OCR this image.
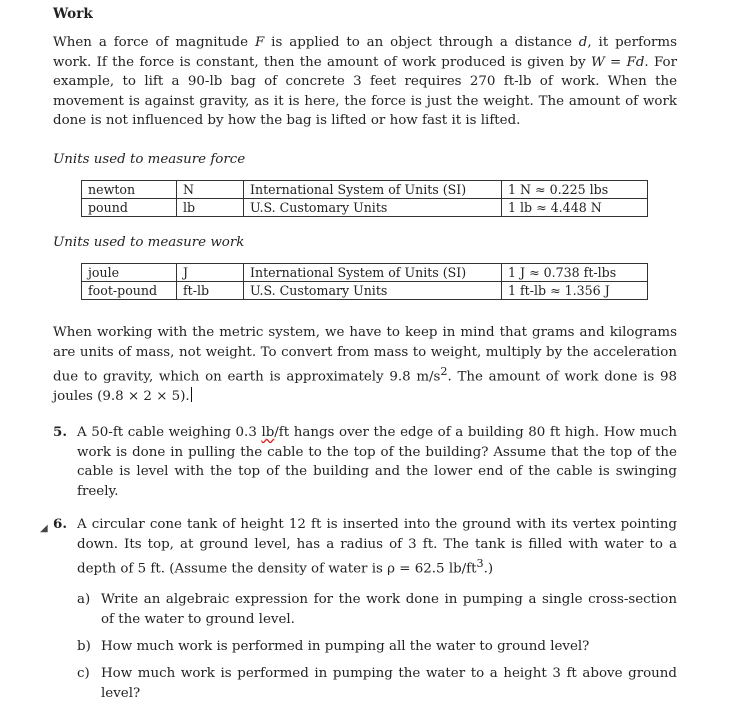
Work

When a force of magnitude F is applied to an object through a distance d, it performs work. If the force is constant, then the amount of work produced is given by W = Fd. For example, to lift a 90-lb bag of concrete 3 feet requires 270 ft-lb of work. When the movement is against gravity, as it is here, the force is just the weight. The amount of work done is not influenced by how the bag is lifted or how fast it is lifted.

Units used to measure force
newton	N	International System of Units (SI)	1 N ≈ 0.225 lbs
pound	lb	U.S. Customary Units	1 lb ≈ 4.448 N
Units used to measure work
joule	J	International System of Units (SI)	1 J ≈ 0.738 ft-lbs
foot-pound	ft-lb	U.S. Customary Units	1 ft-lb ≈ 1.356 J

When working with the metric system, we have to keep in mind that grams and kilograms are units of mass, not weight. To convert from mass to weight, multiply by the acceleration due to gravity, which on earth is approximately 9.8 $m/s^2$. The amount of work done is 98 joules (9.8 × 2 × 5).

5. A 50-ft cable weighing 0.3 lb/ft hangs over the edge of a building 80 ft high. How much work is done in pulling the cable to the top of the building? Assume that the top of the cable is level with the top of the building and the lower end of the cable is swinging freely.
◢ 6. A circular cone tank of height 12 ft is inserted into the ground with its vertex pointing down. Its top, at ground level, has a radius of 3 ft. The tank is filled with water to a depth of 5 ft. (Assume the density of water is ρ = 62.5 $lb/ft^3$.)
a) Write an algebraic expression for the work done in pumping a single cross-section of the water to ground level.
b) How much work is performed in pumping all the water to ground level?
c) How much work is performed in pumping the water to a height 3 ft above ground level?
